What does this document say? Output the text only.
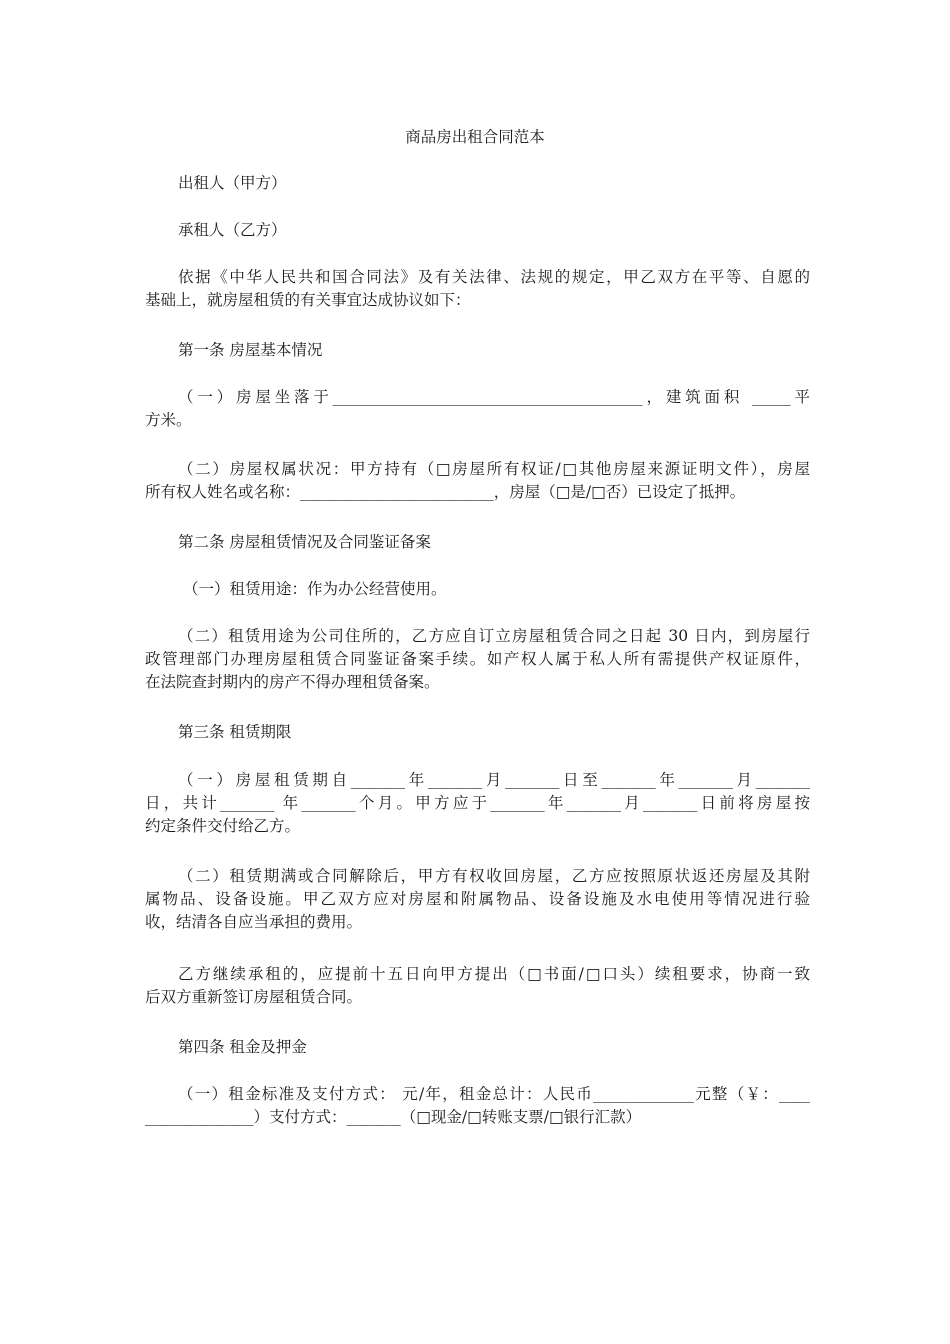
商品房出租合同范本
出租人（甲方）
承租人（乙方）
依据《中华人民共和国合同法》及有关法律、法规的规定，甲乙双方在平等、自愿的
基础上，就房屋租赁的有关事宜达成协议如下：
第一条 房屋基本情况
（一）房屋坐落于________________________________________，建筑面积 _____平
方米。
（二）房屋权属状况：甲方持有（□房屋所有权证/□其他房屋来源证明文件），房屋
所有权人姓名或名称：_________________________，房屋（□是/□否）已设定了抵押。
第二条 房屋租赁情况及合同鉴证备案
（一）租赁用途：作为办公经营使用。
（二）租赁用途为公司住所的，乙方应自订立房屋租赁合同之日起 30 日内，到房屋行
政管理部门办理房屋租赁合同鉴证备案手续。如产权人属于私人所有需提供产权证原件，
在法院查封期内的房产不得办理租赁备案。
第三条 租赁期限
（一）房屋租赁期自_______年_______月_______日至_______年_______月_______
日，共计_______ 年_______个月。甲方应于_______年_______月_______日前将房屋按
约定条件交付给乙方。
（二）租赁期满或合同解除后，甲方有权收回房屋，乙方应按照原状返还房屋及其附
属物品、设备设施。甲乙双方应对房屋和附属物品、设备设施及水电使用等情况进行验
收，结清各自应当承担的费用。
乙方继续承租的，应提前十五日向甲方提出（□书面/□口头）续租要求，协商一致
后双方重新签订房屋租赁合同。
第四条 租金及押金
（一）租金标准及支付方式： 元/年，租金总计：人民币_____________元整（￥：____
______________）支付方式：_______（□现金/□转账支票/□银行汇款）
